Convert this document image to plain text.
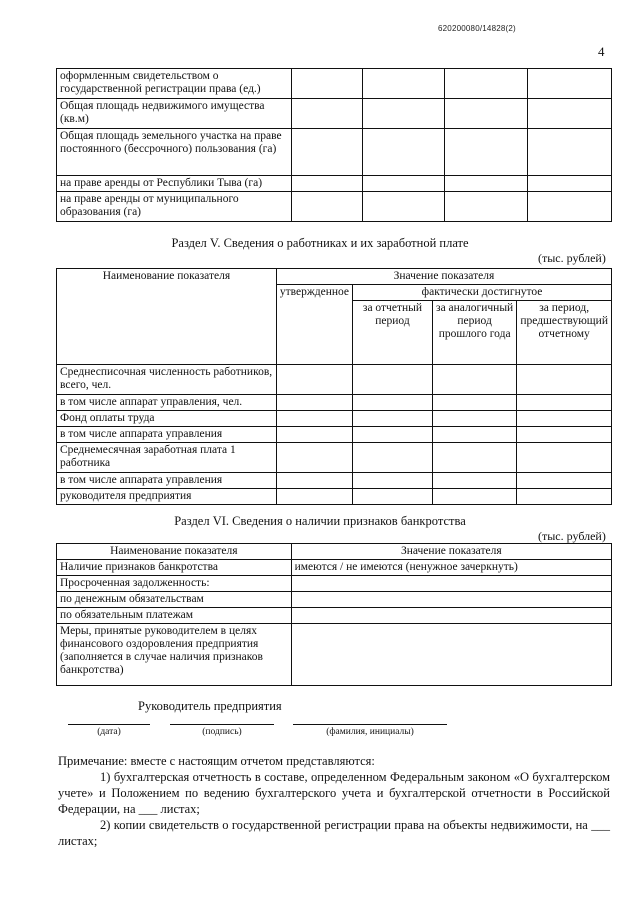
620200080/14828(2)
4
оформленным свидетельством о государственной регистрации права (ед.)				
Общая площадь недвижимого имущества (кв.м)				
Общая площадь земельного участка на праве постоянного (бессрочного) пользования (га)				
на праве аренды от Республики Тыва (га)				
на праве аренды от муниципального образования (га)				
Раздел V. Сведения о работниках и их заработной плате
(тыс. рублей)
Наименование показателя	Значение показателя			
	утвержденное	фактически достигнутое		
		за отчетный период	за аналогичный период прошлого года	за период, предшествующий отчетному
Среднесписочная численность работников, всего, чел.				
в том числе аппарат управления, чел.				
Фонд оплаты труда				
в том числе аппарата управления				
Среднемесячная заработная плата 1 работника				
в том числе аппарата управления				
руководителя предприятия				
Раздел VI. Сведения о наличии признаков банкротства
(тыс. рублей)
Наименование показателя	Значение показателя
Наличие признаков банкротства	имеются / не имеются (ненужное зачеркнуть)
Просроченная задолженность:	
по денежным обязательствам	
по обязательным платежам	
Меры, принятые руководителем в целях финансового оздоровления предприятия (заполняется в случае наличия признаков банкротства)	
Руководитель предприятия
(дата)	(подпись)	(фамилия, инициалы)
Примечание: вместе с настоящим отчетом представляются:
1) бухгалтерская отчетность в составе, определенном Федеральным законом «О бухгалтерском учете» и Положением по ведению бухгалтерского учета и бухгалтерской отчетности в Российской Федерации, на ___ листах;
2) копии свидетельств о государственной регистрации права на объекты недвижимости, на ___ листах;
